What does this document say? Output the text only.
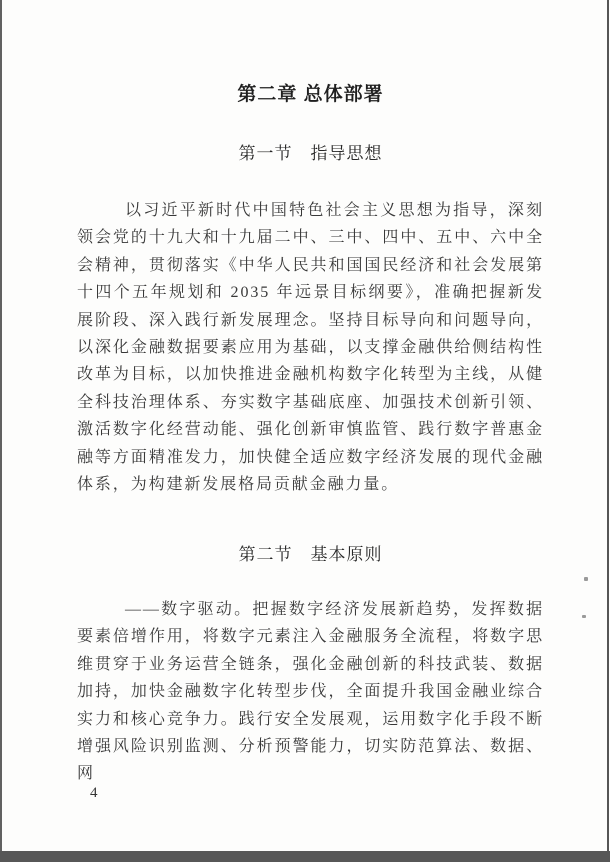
第二章 总体部署
第一节　指导思想

以习近平新时代中国特色社会主义思想为指导，深刻领会党的十九大和十九届二中、三中、四中、五中、六中全会精神，贯彻落实《中华人民共和国国民经济和社会发展第十四个五年规划和 2035 年远景目标纲要》，准确把握新发展阶段、深入践行新发展理念。坚持目标导向和问题导向，以深化金融数据要素应用为基础，以支撑金融供给侧结构性改革为目标，以加快推进金融机构数字化转型为主线，从健全科技治理体系、夯实数字基础底座、加强技术创新引领、激活数字化经营动能、强化创新审慎监管、践行数字普惠金融等方面精准发力，加快健全适应数字经济发展的现代金融体系，为构建新发展格局贡献金融力量。

第二节　基本原则

——数字驱动。把握数字经济发展新趋势，发挥数据要素倍增作用，将数字元素注入金融服务全流程，将数字思维贯穿于业务运营全链条，强化金融创新的科技武装、数据加持，加快金融数字化转型步伐，全面提升我国金融业综合实力和核心竞争力。践行安全发展观，运用数字化手段不断增强风险识别监测、分析预警能力，切实防范算法、数据、网

4
